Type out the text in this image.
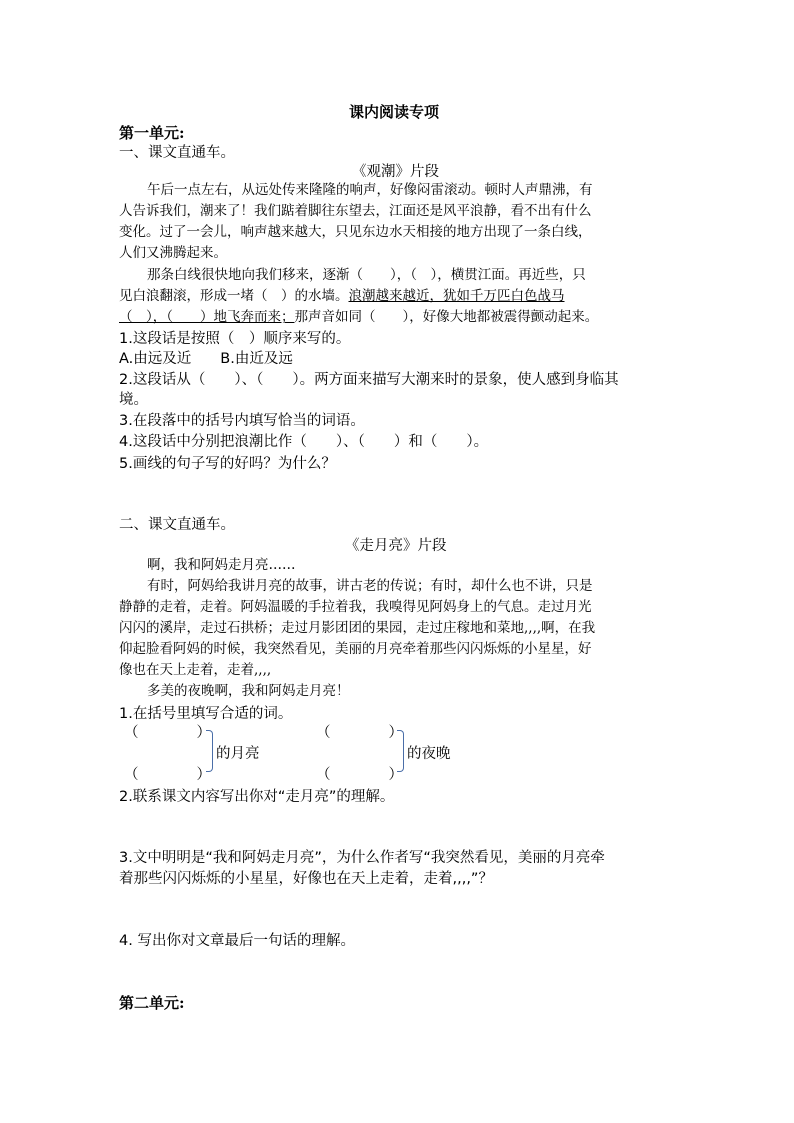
课内阅读专项
第一单元:
一、课文直通车。
《观潮》片段
午后一点左右，从远处传来隆隆的响声，好像闷雷滚动。顿时人声鼎沸，有
人告诉我们，潮来了！我们踮着脚往东望去，江面还是风平浪静，看不出有什么
变化。过了一会儿，响声越来越大，只见东边水天相接的地方出现了一条白线，
人们又沸腾起来。
那条白线很快地向我们移来，逐渐（　　），（　），横贯江面。再近些，只
见白浪翻滚，形成一堵（　）的水墙。浪潮越来越近，犹如千万匹白色战马
（　），（　　）地飞奔而来；那声音如同（　　），好像大地都被震得颤动起来。
1.这段话是按照（　）顺序来写的。
A.由远及近　　B.由近及远
2.这段话从（　　）、（　　）。两方面来描写大潮来时的景象，使人感到身临其
境。
3.在段落中的括号内填写恰当的词语。
4.这段话中分别把浪潮比作（　　）、（　　）和（　　）。
5.画线的句子写的好吗？为什么？
二、课文直通车。
《走月亮》片段
啊，我和阿妈走月亮……
有时，阿妈给我讲月亮的故事，讲古老的传说；有时，却什么也不讲，只是
静静的走着，走着。阿妈温暖的手拉着我，我嗅得见阿妈身上的气息。走过月光
闪闪的溪岸，走过石拱桥；走过月影团团的果园，走过庄稼地和菜地,,,,啊，在我
仰起脸看阿妈的时候，我突然看见，美丽的月亮牵着那些闪闪烁烁的小星星，好
像也在天上走着，走着,,,,
多美的夜晚啊，我和阿妈走月亮！
1.在括号里填写合适的词。
（　　　　）
（　　　　）
的月亮
（　　　　）
（　　　　）
的夜晚
2.联系课文内容写出你对“走月亮”的理解。
3.文中明明是“我和阿妈走月亮”，为什么作者写“我突然看见，美丽的月亮牵
着那些闪闪烁烁的小星星，好像也在天上走着，走着,,,,”？
4. 写出你对文章最后一句话的理解。
第二单元:
